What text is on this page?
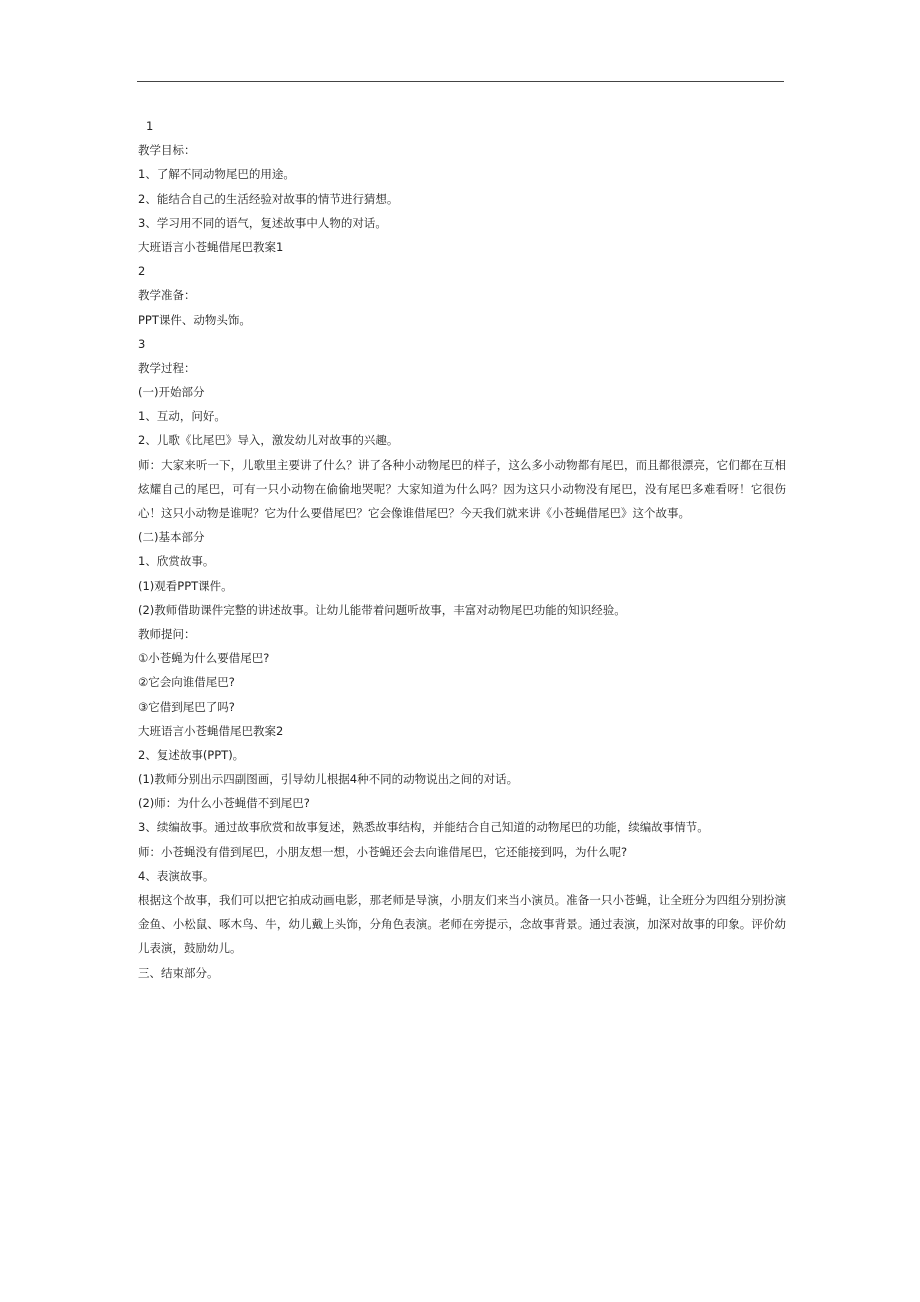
1
教学目标：
1、了解不同动物尾巴的用途。
2、能结合自己的生活经验对故事的情节进行猜想。
3、学习用不同的语气，复述故事中人物的对话。
大班语言小苍蝇借尾巴教案1
2
教学准备：
PPT课件、动物头饰。
3
教学过程：
(一)开始部分
1、互动，问好。
2、儿歌《比尾巴》导入，激发幼儿对故事的兴趣。
师：大家来听一下，儿歌里主要讲了什么？讲了各种小动物尾巴的样子，这么多小动物都有尾巴，而且都很漂亮，它们都在互相炫耀自己的尾巴，可有一只小动物在偷偷地哭呢？大家知道为什么吗？因为这只小动物没有尾巴，没有尾巴多难看呀！它很伤心！这只小动物是谁呢？它为什么要借尾巴？它会像谁借尾巴？今天我们就来讲《小苍蝇借尾巴》这个故事。
(二)基本部分
1、欣赏故事。
(1)观看PPT课件。
(2)教师借助课件完整的讲述故事。让幼儿能带着问题听故事，丰富对动物尾巴功能的知识经验。
教师提问：
①小苍蝇为什么要借尾巴?
②它会向谁借尾巴?
③它借到尾巴了吗?
大班语言小苍蝇借尾巴教案2
2、复述故事(PPT)。
(1)教师分别出示四副图画，引导幼儿根据4种不同的动物说出之间的对话。
(2)师：为什么小苍蝇借不到尾巴?
3、续编故事。通过故事欣赏和故事复述，熟悉故事结构，并能结合自己知道的动物尾巴的功能，续编故事情节。
师：小苍蝇没有借到尾巴，小朋友想一想，小苍蝇还会去向谁借尾巴，它还能接到吗，为什么呢?
4、表演故事。
根据这个故事，我们可以把它拍成动画电影，那老师是导演，小朋友们来当小演员。准备一只小苍蝇，让全班分为四组分别扮演金鱼、小松鼠、啄木鸟、牛，幼儿戴上头饰，分角色表演。老师在旁提示，念故事背景。通过表演，加深对故事的印象。评价幼儿表演，鼓励幼儿。
三、结束部分。
